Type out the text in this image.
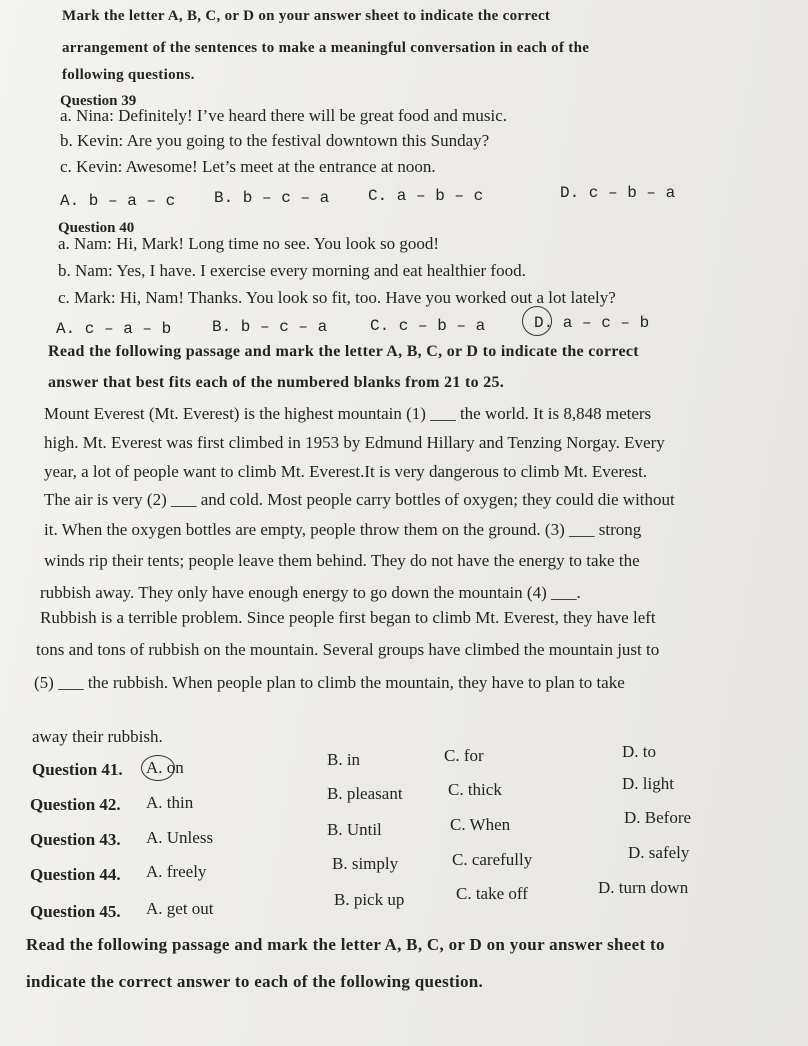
Mark the letter A, B, C, or D on your answer sheet to indicate the correct
arrangement of the sentences to make a meaningful conversation in each of the
following questions.
Question 39
a. Nina: Definitely! I’ve heard there will be great food and music.
b. Kevin: Are you going to the festival downtown this Sunday?
c. Kevin: Awesome! Let’s meet at the entrance at noon.
A. b – a – c B. b – c – a C. a – b – c	D. c – b – a
Question 40
a. Nam: Hi, Mark! Long time no see. You look so good!
b. Nam: Yes, I have. I exercise every morning and eat healthier food.
c. Mark: Hi, Nam! Thanks. You look so fit, too. Have you worked out a lot lately?
A. c – a – b	B. b – c – a	C. c – b – a	D. a – c – b
Read the following passage and mark the letter A, B, C, or D to indicate the correct
answer that best fits each of the numbered blanks from 21 to 25.
Mount Everest (Mt. Everest) is the highest mountain (1) ___ the world. It is 8,848 meters
high. Mt. Everest was first climbed in 1953 by Edmund Hillary and Tenzing Norgay. Every
year, a lot of people want to climb Mt. Everest.It is very dangerous to climb Mt. Everest.
The air is very (2) ___ and cold. Most people carry bottles of oxygen; they could die without
it. When the oxygen bottles are empty, people throw them on the ground. (3) ___ strong
winds rip their tents; people leave them behind. They do not have the energy to take the
rubbish away. They only have enough energy to go down the mountain (4) ___.
Rubbish is a terrible problem. Since people first began to climb Mt. Everest, they have left
tons and tons of rubbish on the mountain. Several groups have climbed the mountain just to
(5) ___ the rubbish. When people plan to climb the mountain, they have to plan to take
away their rubbish.
Question 41. A. on	B. in	C. for	D. to
Question 42. A. thin	B. pleasant	C. thick	D. light
Question 43. A. Unless	B. Until	C. When	D. Before
Question 44. A. freely	B. simply	C. carefully	D. safely
Question 45. A. get out	B. pick up	C. take off	D. turn down
Read the following passage and mark the letter A, B, C, or D on your answer sheet to
indicate the correct answer to each of the following question.
